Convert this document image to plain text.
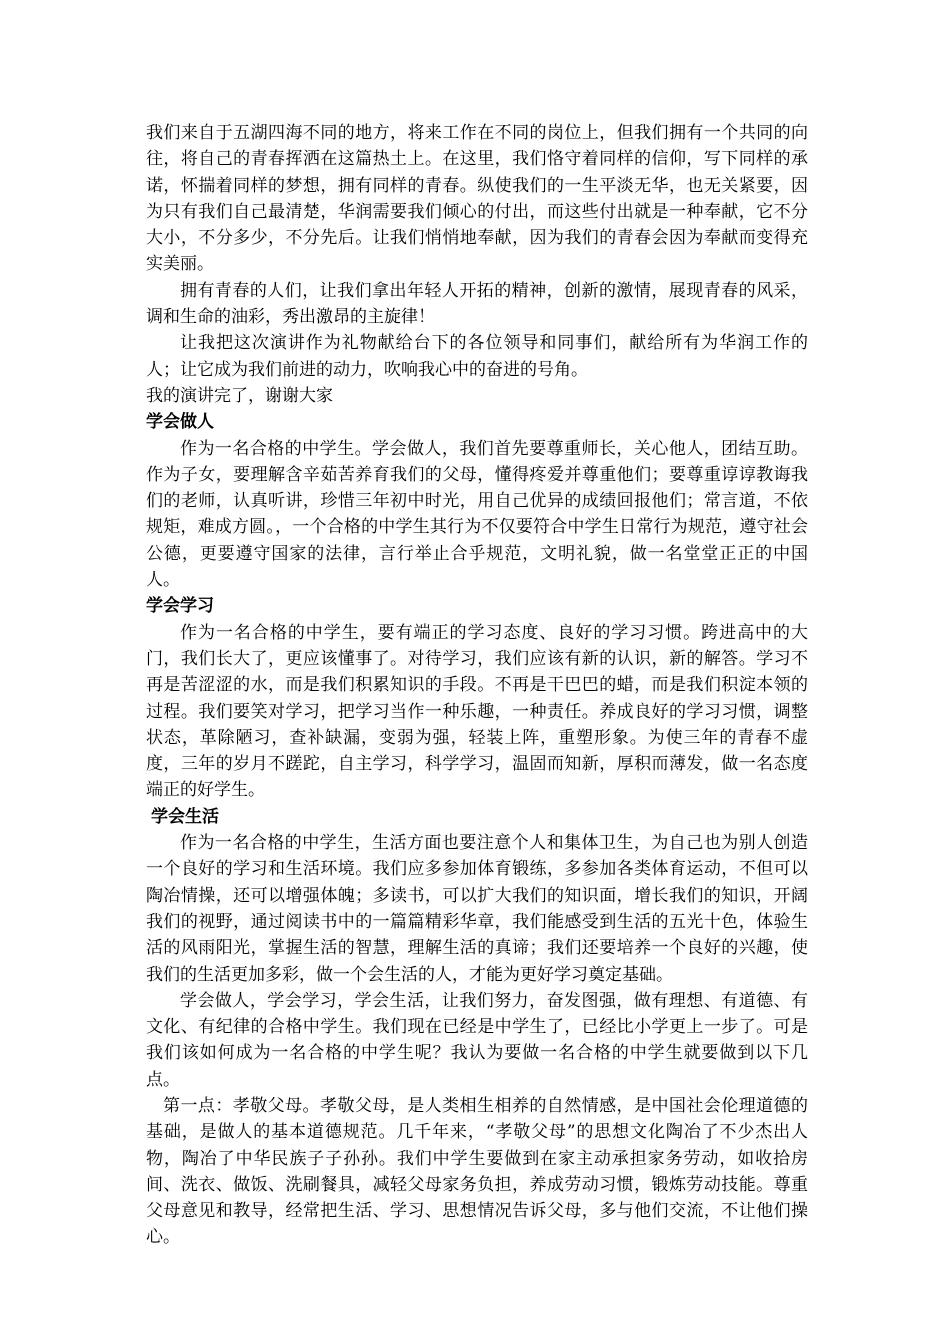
我们来自于五湖四海不同的地方，将来工作在不同的岗位上，但我们拥有一个共同的向往，将自己的青春挥洒在这篇热土上。在这里，我们恪守着同样的信仰，写下同样的承诺，怀揣着同样的梦想，拥有同样的青春。纵使我们的一生平淡无华，也无关紧要，因为只有我们自己最清楚，华润需要我们倾心的付出，而这些付出就是一种奉献，它不分大小，不分多少，不分先后。让我们悄悄地奉献，因为我们的青春会因为奉献而变得充实美丽。

拥有青春的人们，让我们拿出年轻人开拓的精神，创新的激情，展现青春的风采，调和生命的油彩，秀出激昂的主旋律！

让我把这次演讲作为礼物献给台下的各位领导和同事们，献给所有为华润工作的人；让它成为我们前进的动力，吹响我心中的奋进的号角。

我的演讲完了，谢谢大家

学会做人

作为一名合格的中学生。学会做人，我们首先要尊重师长，关心他人，团结互助。作为子女，要理解含辛茹苦养育我们的父母，懂得疼爱并尊重他们；要尊重谆谆教诲我们的老师，认真听讲，珍惜三年初中时光，用自己优异的成绩回报他们；常言道，不依规矩，难成方圆。，一个合格的中学生其行为不仅要符合中学生日常行为规范，遵守社会公德，更要遵守国家的法律，言行举止合乎规范，文明礼貌，做一名堂堂正正的中国人。

学会学习

作为一名合格的中学生，要有端正的学习态度、良好的学习习惯。跨进高中的大门，我们长大了，更应该懂事了。对待学习，我们应该有新的认识，新的解答。学习不再是苦涩涩的水，而是我们积累知识的手段。不再是干巴巴的蜡，而是我们积淀本领的过程。我们要笑对学习，把学习当作一种乐趣，一种责任。养成良好的学习习惯，调整状态，革除陋习，查补缺漏，变弱为强，轻装上阵，重塑形象。为使三年的青春不虚度，三年的岁月不蹉跎，自主学习，科学学习，温固而知新，厚积而薄发，做一名态度端正的好学生。

学会生活

作为一名合格的中学生，生活方面也要注意个人和集体卫生，为自己也为别人创造一个良好的学习和生活环境。我们应多参加体育锻练，多参加各类体育运动，不但可以陶冶情操，还可以增强体魄；多读书，可以扩大我们的知识面，增长我们的知识，开阔我们的视野，通过阅读书中的一篇篇精彩华章，我们能感受到生活的五光十色，体验生活的风雨阳光，掌握生活的智慧，理解生活的真谛；我们还要培养一个良好的兴趣，使我们的生活更加多彩，做一个会生活的人，才能为更好学习奠定基础。

学会做人，学会学习，学会生活，让我们努力，奋发图强，做有理想、有道德、有文化、有纪律的合格中学生。我们现在已经是中学生了，已经比小学更上一步了。可是我们该如何成为一名合格的中学生呢？我认为要做一名合格的中学生就要做到以下几点。

第一点：孝敬父母。孝敬父母，是人类相生相养的自然情感，是中国社会伦理道德的基础，是做人的基本道德规范。几千年来，“孝敬父母”的思想文化陶冶了不少杰出人物，陶冶了中华民族子子孙孙。我们中学生要做到在家主动承担家务劳动，如收拾房间、洗衣、做饭、洗刷餐具，减轻父母家务负担，养成劳动习惯，锻炼劳动技能。尊重父母意见和教导，经常把生活、学习、思想情况告诉父母，多与他们交流，不让他们操心。
